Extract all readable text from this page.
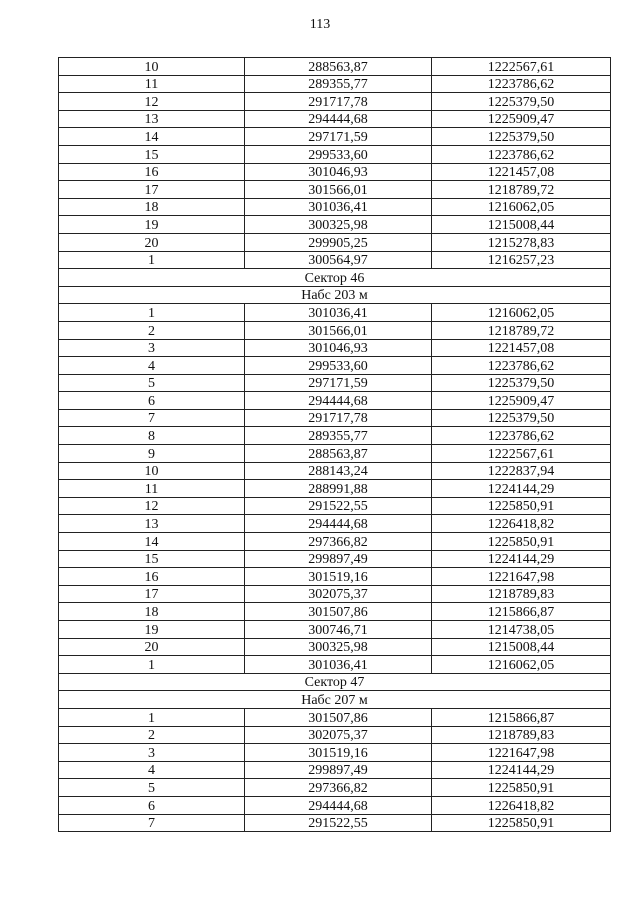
113
10	288563,87	1222567,61
11	289355,77	1223786,62
12	291717,78	1225379,50
13	294444,68	1225909,47
14	297171,59	1225379,50
15	299533,60	1223786,62
16	301046,93	1221457,08
17	301566,01	1218789,72
18	301036,41	1216062,05
19	300325,98	1215008,44
20	299905,25	1215278,83
1	300564,97	1216257,23
Сектор 46		
Набс 203 м		
1	301036,41	1216062,05
2	301566,01	1218789,72
3	301046,93	1221457,08
4	299533,60	1223786,62
5	297171,59	1225379,50
6	294444,68	1225909,47
7	291717,78	1225379,50
8	289355,77	1223786,62
9	288563,87	1222567,61
10	288143,24	1222837,94
11	288991,88	1224144,29
12	291522,55	1225850,91
13	294444,68	1226418,82
14	297366,82	1225850,91
15	299897,49	1224144,29
16	301519,16	1221647,98
17	302075,37	1218789,83
18	301507,86	1215866,87
19	300746,71	1214738,05
20	300325,98	1215008,44
1	301036,41	1216062,05
Сектор 47		
Набс 207 м		
1	301507,86	1215866,87
2	302075,37	1218789,83
3	301519,16	1221647,98
4	299897,49	1224144,29
5	297366,82	1225850,91
6	294444,68	1226418,82
7	291522,55	1225850,91
